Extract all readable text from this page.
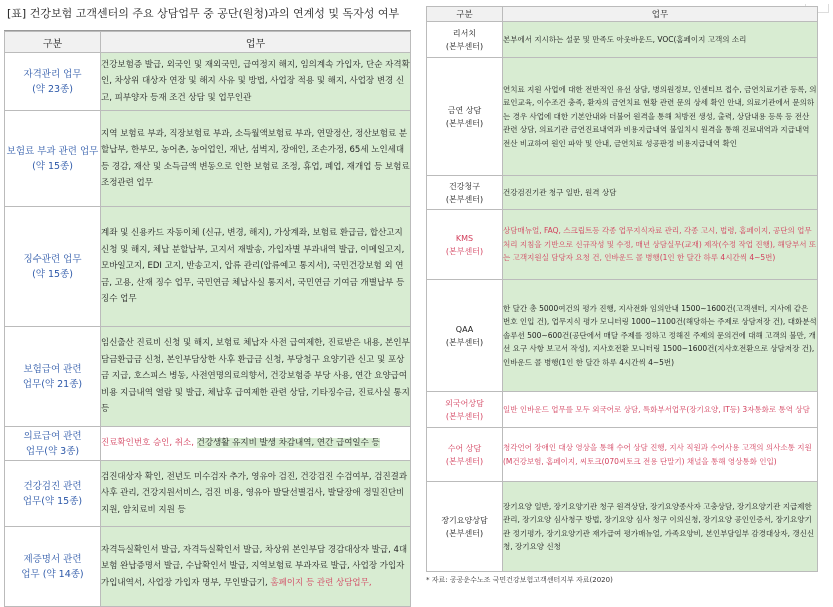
[표] 건강보험 고객센터의 주요 상담업무 중 공단(원청)과의 연계성 및 독자성 여부
구분	업무
자격관리 업무
(약 23종)	건강보험증 발급, 외국인 및 재외국민, 급여정지 해지, 임의계속 가입자, 단순 자격확인, 차상위 대상자 연장 및 해지 사유 및 방법, 사업장 적용 및 해지, 사업장 변경 신고, 피부양자 등재 조건 상담 및 업무인관
보험료 부과 관련 업무
(약 15종)	지역 보험료 부과, 직장보험료 부과, 소득월액보험료 부과, 연말정산, 정산보험료 분할납부, 한부모, 농어촌, 농어업인, 재난, 섬벽지, 장애인, 조손가정, 65세 노인세대 등 경감, 재산 및 소득금액 변동으로 인한 보험료 조정, 휴업, 폐업, 재개업 등 보험료 조정관련 업무
징수관련 업무
(약 15종)	계좌 및 신용카드 자동이체 (신규, 변경, 해지), 가상계좌, 보험료 환급금, 합산고지 신청 및 해지, 체납 분할납부, 고지서 재발송, 가입자별 부과내역 발급, 이메일고지, 모바일고지, EDI 고지, 반송고지, 압류 관리(압류예고 통지서), 국민건강보험 외 연금, 고용, 산재 징수 업무, 국민연금 체납사실 통지서, 국민연금 기여금 개별납부 등 징수 업무
보험급여 관련
업무(약 21종)	임신출산 진료비 신청 및 해지, 보험료 체납자 사전 급여제한, 진료받은 내용, 본인부담금환급금 신청, 본인부담상한 사후 환급금 신청, 부당청구 요양기관 신고 및 포상금 지급, 호스피스 병동, 사전연명의료의향서, 건강보험증 부당 사용, 연간 요양급여비용 지급내역 열람 및 발급, 체납후 급여제한 관련 상담, 기타징수금, 진료사실 통지 등
의료급여 관련
업무(약 3종)	진료확인번호 승인, 취소, 건강생활 유지비 발생 차감내역, 연간 급여일수 등
건강검진 관련
업무(약 15종)	검진대상자 확인, 전년도 미수검자 추가, 영유아 검진, 건강검진 수검여부, 검진결과 사후 관리, 건강지원서비스, 검진 비용, 영유아 발달선별검사, 발달장애 정밀진단비 지원, 암치료비 지원 등
제증명서 관련
업무 (약 14종)	자격득실확인서 발급, 자격득실확인서 발급, 차상위 본인부담 경감대상자 발급, 4대보험 완납증명서 발급, 수납확인서 발급, 지역보험료 부과자료 발급, 사업장 가입자 가입내역서, 사업장 가입자 명부, 무인발급기, 홈페이지 등 관련 상담업무,
구분	업무
리서치
(본부센터)	본부에서 지시하는 설문 및 만족도 아웃바운드, VOC(홈페이지 고객의 소리
금연 상담
(본부센터)	연치료 지원 사업에 대한 전반적인 유선 상담, 병의원정보, 인센티브 접수, 금연치료기관 등록, 의료인교육, 이수조건 충족, 환자의 금연치료 현황 관련 문의 상세 확인 안내, 의료기관에서 문의하는 경우 사업에 대한 기본안내와 더불어 원격을 통해 처방전 생성, 출력, 상담내용 등록 등 전산 관련 상담, 의료기관 금연진료내역과 비용지급내역 불일치시 원격을 통해 진료내역과 지급내역 전산 비교하여 원인 파악 및 안내, 금연치료 성공판정 비용지급내역 확인
건강청구
(본부센터)	건강검진기관 청구 일반, 원격 상담
KMS
(본부센터)	상담매뉴얼, FAQ, 스크립트등 각종 업무지식자료 관리, 각종 고시, 법령, 홈페이지, 공단의 업무처리 지침을 기반으로 신규작성 및 수정, 매년 상담실무(교재) 제작(수정 작업 진행), 해당부서 또는 고객지원실 담당자 요청 건, 인바운드 콜 병행(1인 한 달간 하루 4시간씩 4~5번)
QAA
(본부센터)	한 달간 총 5000여건의 평가 진행, 지사전화 임의안내 1500~1600건(고객센터, 지사에 같은 번호 인입 건), 업무지식 평가 모니터링 1000~1100건(해당하는 주제로 상담저장 건), 대화분석 솔루션 500~600건(공단에서 매달 주제를 정하고 정해진 주제의 문의건에 대해 고객의 불만, 개선 요구 사항 보고서 작성), 지사호전환 모니터링 1500~1600건(지사호전환으로 상담저장 건), 인바운드 콜 병행(1인 한 달간 하루 4시간씩 4~5번)
외국어상담
(본부센터)	일반 인바운드 업무를 모두 외국어로 상담, 특화부서업무(장기요양, IT등) 3자통화로 통역 상담
수어 상담
(본부센터)	청각언어 장애인 대상 영상을 통해 수어 상담 진행, 지사 직원과 수어사용 고객의 의사소통 지원 (M건강보험, 홈페이지, 씨토크(070씨토크 전용 단말기) 채널을 통해 영상통화 인입)
장기요양상담
(본부센터)	장기요양 일반, 장기요양기관 청구 원격상담, 장기요양종사자 고충상담, 장기요양기관 지급제한 관리, 장기요양 심사청구 방법, 장기요양 심사 청구 이의신청, 장기요양 공인인증서, 장기요양기관 정기평가, 장기요양기관 재가급여 평가매뉴얼, 가족요양비, 본인부담일부 감경대상자, 갱신신청, 장기요양 신청
* 자료: 공공운수노조 국민건강보험고객센터지부 자료(2020)
